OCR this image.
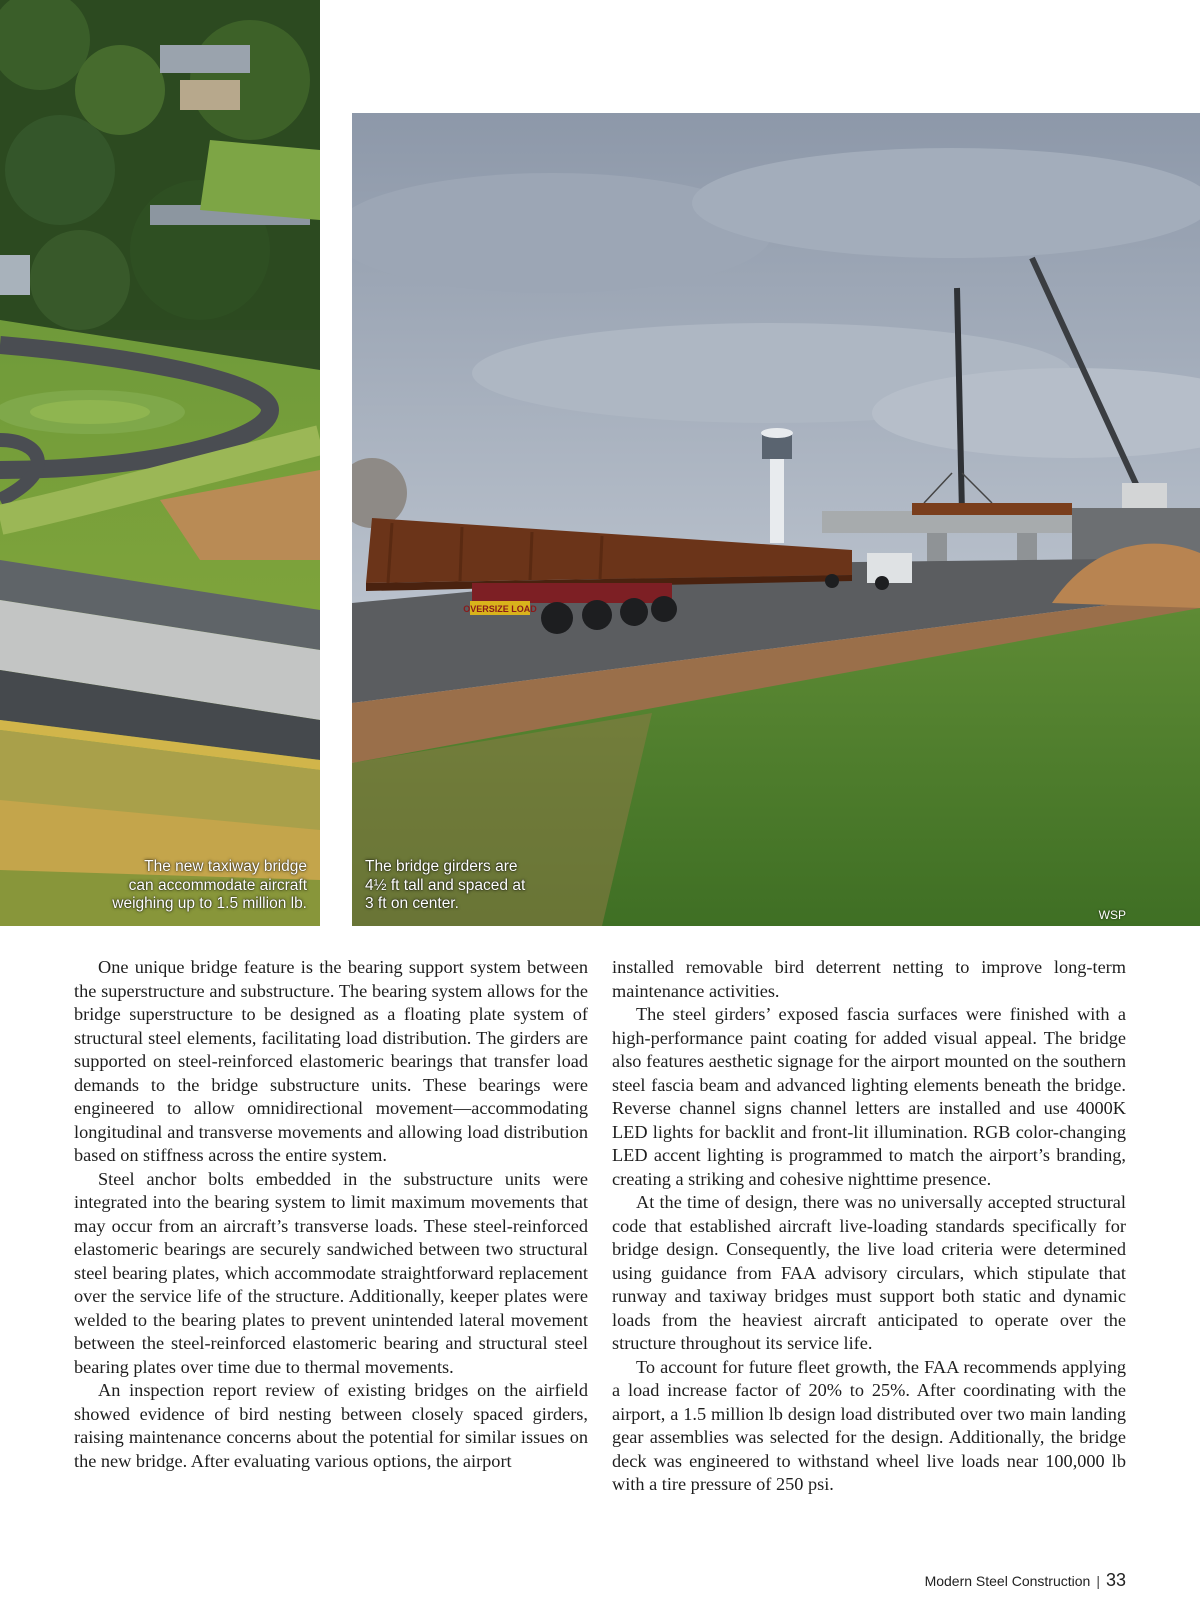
OVERSIZE LOAD
The new taxiway bridge
can accommodate aircraft
weighing up to 1.5 million lb.
The bridge girders are
4½ ft tall and spaced at
3 ft on center.
WSP

One unique bridge feature is the bearing support system between the superstructure and substructure. The bearing system allows for the bridge superstructure to be designed as a floating plate system of structural steel elements, facilitating load distribution. The girders are supported on steel-reinforced elastomeric bearings that transfer load demands to the bridge substructure units. These bearings were engineered to allow omnidirectional movement—accommodating longitudinal and transverse movements and allowing load distribution based on stiffness across the entire system.

Steel anchor bolts embedded in the substructure units were integrated into the bearing system to limit maximum movements that may occur from an aircraft’s transverse loads. These steel-reinforced elastomeric bearings are securely sandwiched between two structural steel bearing plates, which accommodate straightforward replacement over the service life of the structure. Additionally, keeper plates were welded to the bearing plates to prevent unintended lateral movement between the steel-reinforced elastomeric bearing and structural steel bearing plates over time due to thermal movements.

An inspection report review of existing bridges on the airfield showed evidence of bird nesting between closely spaced girders, raising maintenance concerns about the potential for similar issues on the new bridge. After evaluating various options, the airport

installed removable bird deterrent netting to improve long-term maintenance activities.

The steel girders’ exposed fascia surfaces were finished with a high-performance paint coating for added visual appeal. The bridge also features aesthetic signage for the airport mounted on the southern steel fascia beam and advanced lighting elements beneath the bridge. Reverse channel signs channel letters are installed and use 4000K LED lights for backlit and front-lit illumination. RGB color-changing LED accent lighting is programmed to match the airport’s branding, creating a striking and cohesive nighttime presence.

At the time of design, there was no universally accepted structural code that established aircraft live-loading standards specifically for bridge design. Consequently, the live load criteria were determined using guidance from FAA advisory circulars, which stipulate that runway and taxiway bridges must support both static and dynamic loads from the heaviest aircraft anticipated to operate over the structure throughout its service life.

To account for future fleet growth, the FAA recommends applying a load increase factor of 20% to 25%. After coordinating with the airport, a 1.5 million lb design load distributed over two main landing gear assemblies was selected for the design. Additionally, the bridge deck was engineered to withstand wheel live loads near 100,000 lb with a tire pressure of 250 psi.

Modern Steel Construction | 33
